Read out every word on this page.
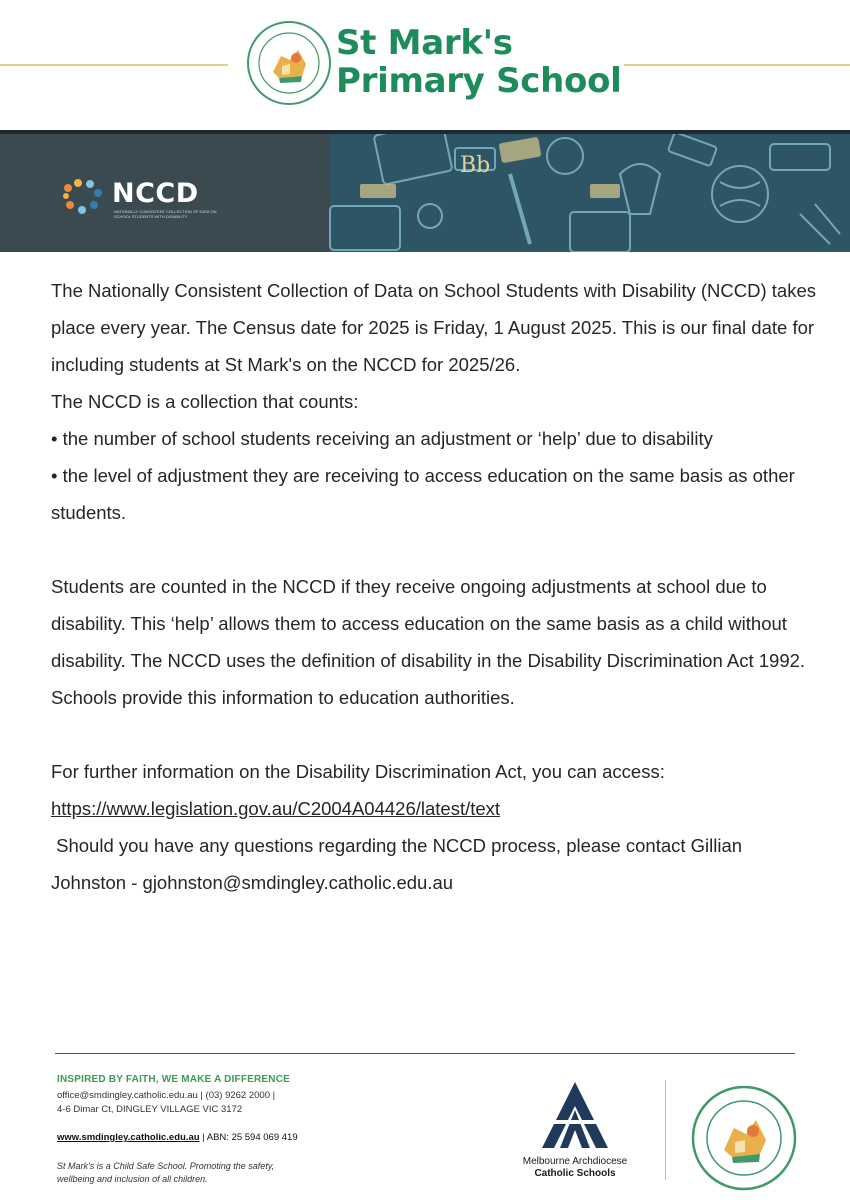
St Mark's
Primary School
Bb
NCCD
NATIONALLY CONSISTENT COLLECTION OF DATA ON SCHOOL STUDENTS WITH DISABILITY

The Nationally Consistent Collection of Data on School Students with Disability (NCCD) takes place every year. The Census date for 2025 is Friday, 1 August 2025. This is our final date for including students at St Mark's on the NCCD for 2025/26.

The NCCD is a collection that counts:

• the number of school students receiving an adjustment or ‘help’ due to disability

• the level of adjustment they are receiving to access education on the same basis as other students.

Students are counted in the NCCD if they receive ongoing adjustments at school due to disability. This ‘help’ allows them to access education on the same basis as a child without disability. The NCCD uses the definition of disability in the Disability Discrimination Act 1992.

Schools provide this information to education authorities.

For further information on the Disability Discrimination Act, you can access:

https://www.legislation.gov.au/C2004A04426/latest/text

Should you have any questions regarding the NCCD process, please contact Gillian Johnston - gjohnston@smdingley.catholic.edu.au

INSPIRED BY FAITH, WE MAKE A DIFFERENCE
office@smdingley.catholic.edu.au | (03) 9262 2000 |
4-6 Dimar Ct, DINGLEY VILLAGE VIC 3172
www.smdingley.catholic.edu.au | ABN: 25 594 069 419
St Mark's is a Child Safe School. Promoting the safety, wellbeing and inclusion of all children.
Melbourne Archdiocese
Catholic Schools
